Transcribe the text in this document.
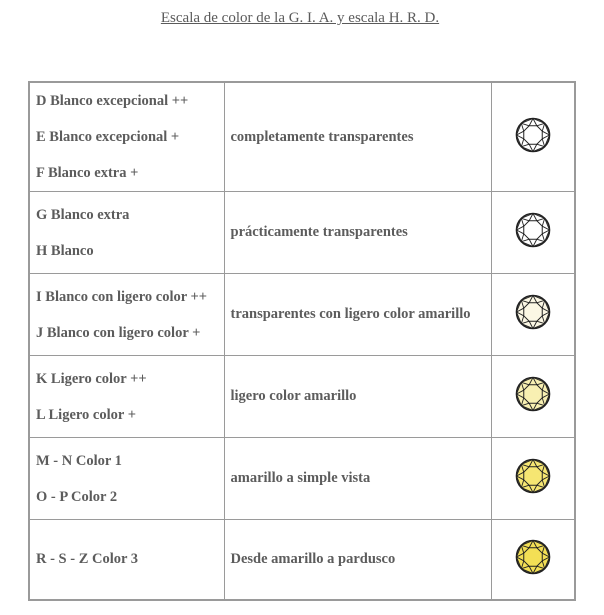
Escala de color de la G. I. A. y escala H. R. D.
D Blanco excepcional ++
E Blanco excepcional +
F Blanco extra +	completamente transparentes	

G Blanco extra
H Blanco	prácticamente transparentes	

I Blanco con ligero color ++
J Blanco con ligero color +	transparentes con ligero color amarillo	

K Ligero color ++
L Ligero color +	ligero color amarillo	

M - N Color 1
O - P Color 2	amarillo a simple vista	

R - S - Z Color 3	Desde amarillo a pardusco	
